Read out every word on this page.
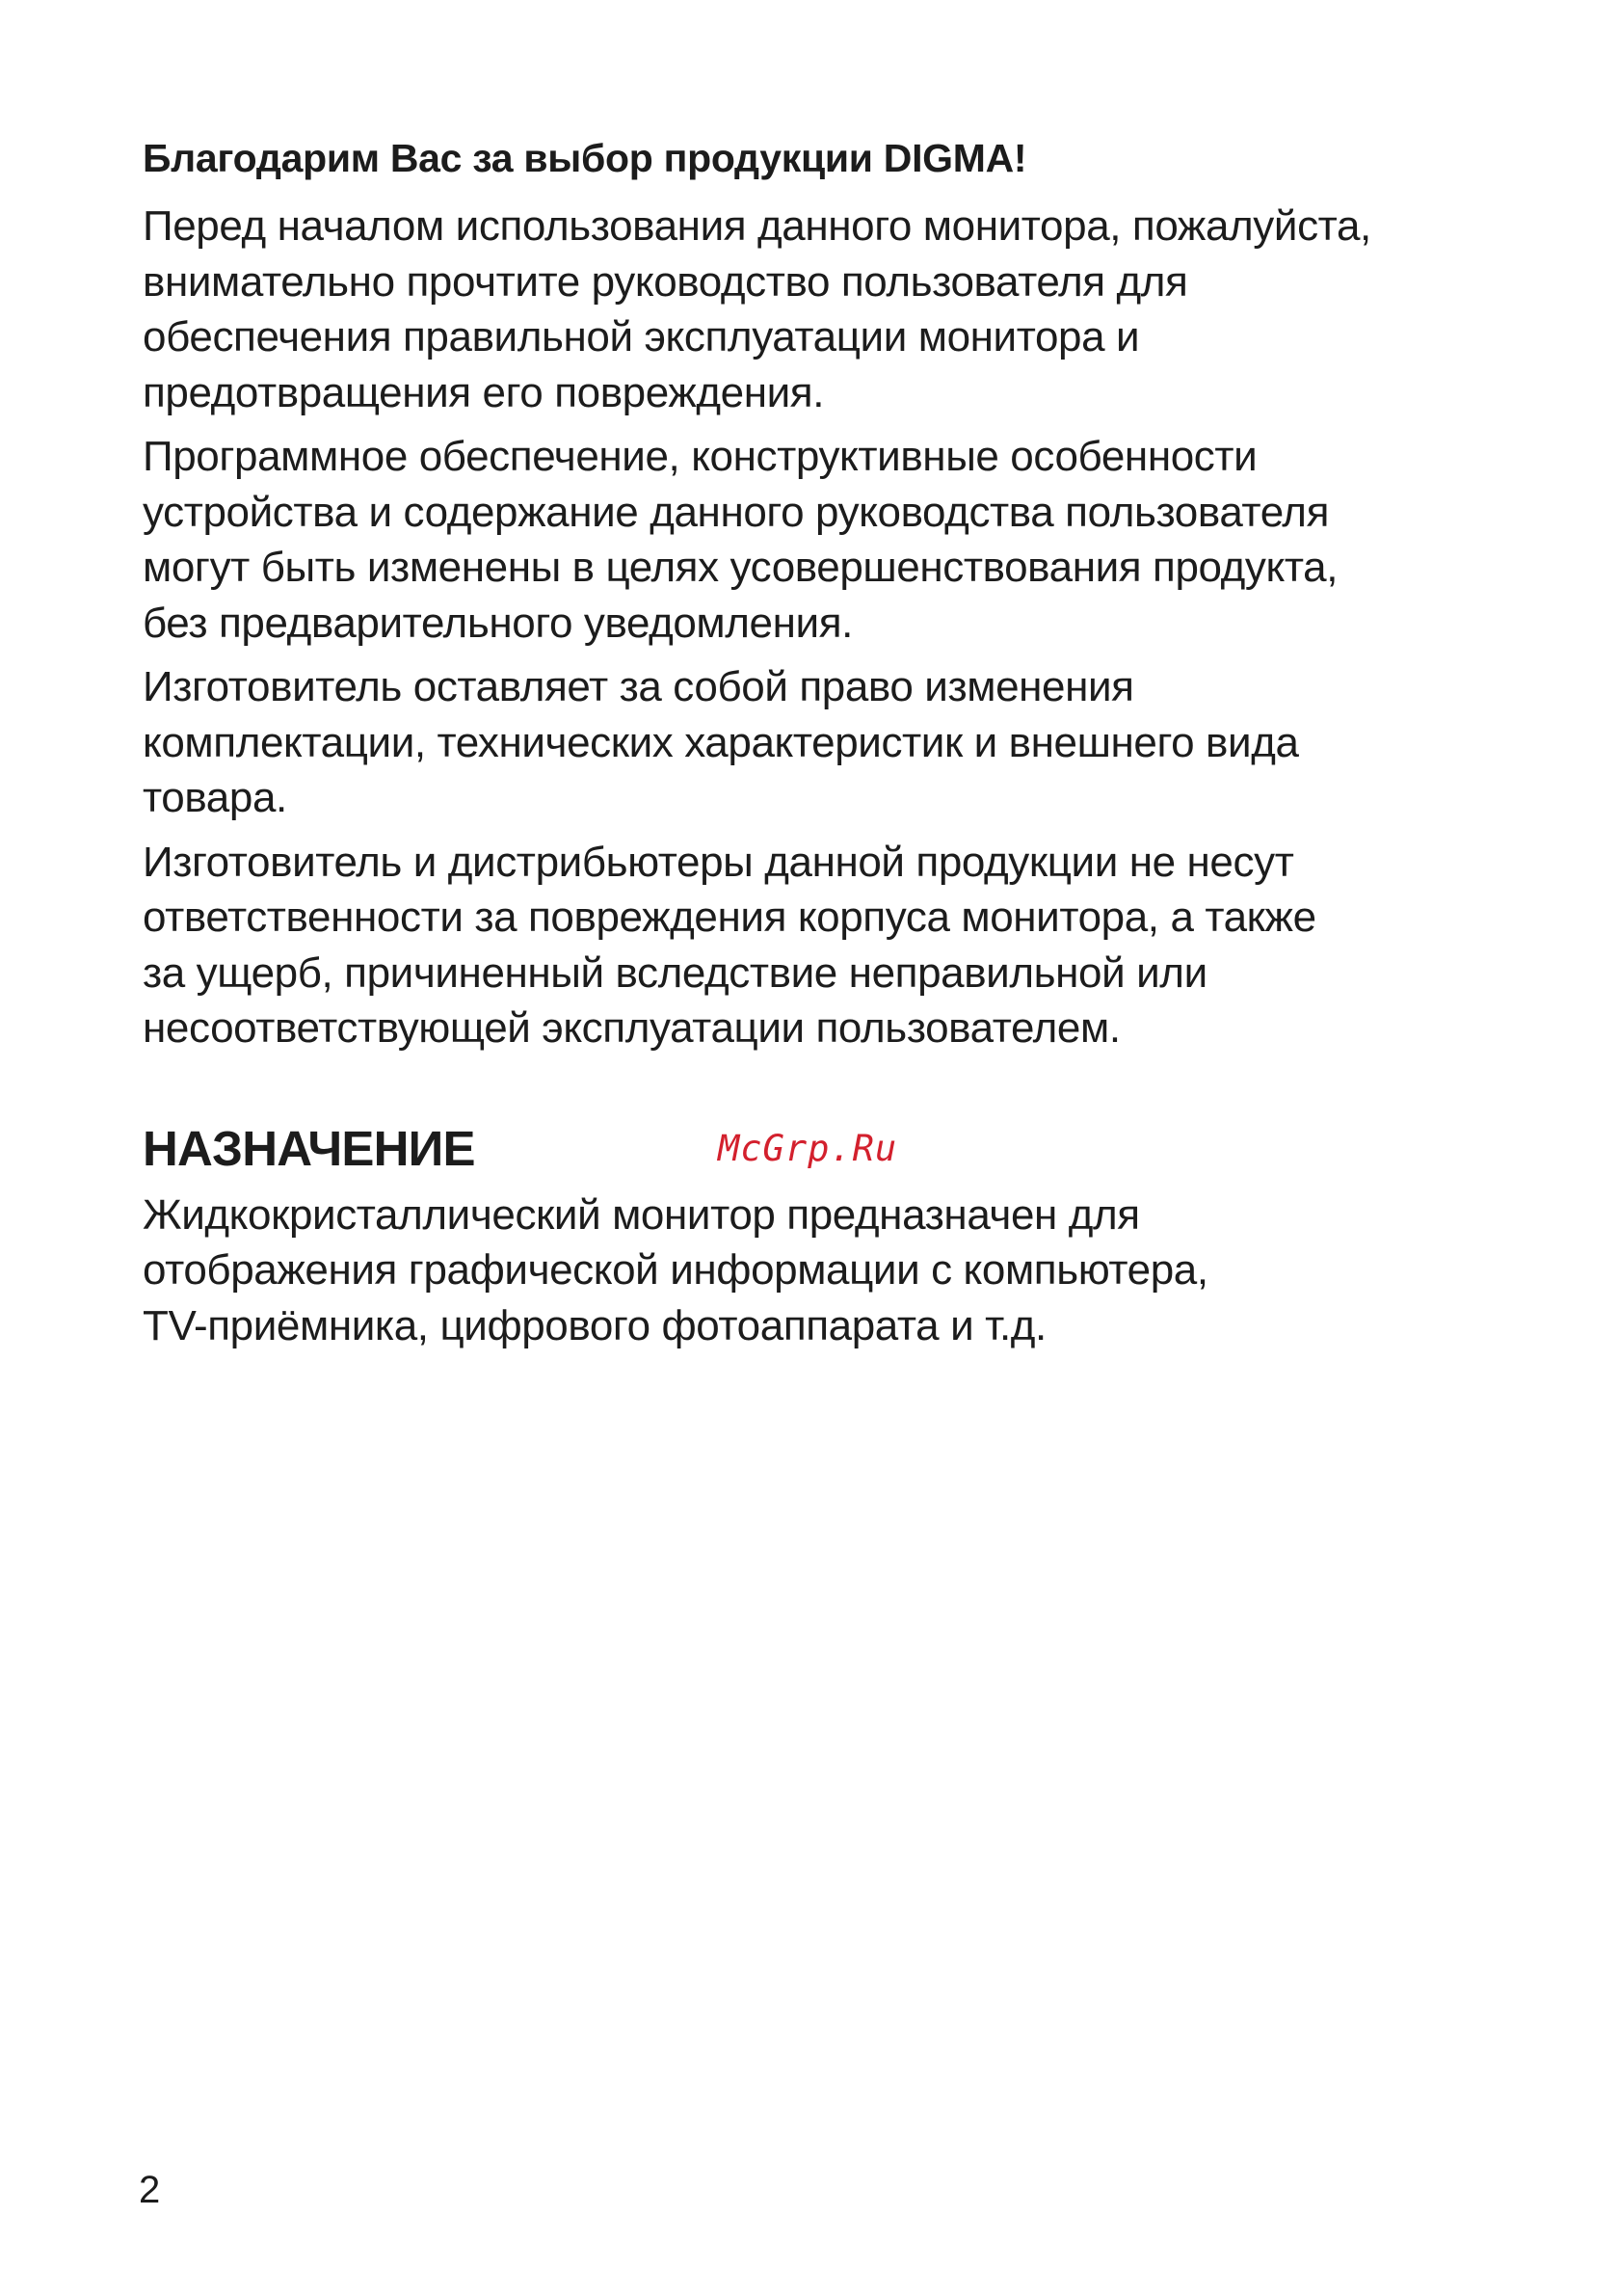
Благодарим Вас за выбор продукции DIGMA!

Перед началом использования данного монитора, пожалуйста,
внимательно прочтите руководство пользователя для
обеспечения правильной эксплуатации монитора и
предотвращения его повреждения.

Программное обеспечение, конструктивные особенности
устройства и содержание данного руководства пользователя
могут быть изменены в целях усовершенствования продукта,
без предварительного уведомления.

Изготовитель оставляет за собой право изменения
комплектации, технических характеристик и внешнего вида
товара.

Изготовитель и дистрибьютеры данной продукции не несут
ответственности за повреждения корпуса монитора, а также
за ущерб, причиненный вследствие неправильной или
несоответствующей эксплуатации пользователем.

НАЗНАЧЕНИЕ	McGrp.Ru

Жидкокристаллический монитор предназначен для
отображения графической информации с компьютера,
TV-приёмника, цифрового фотоаппарата и т.д.

2
